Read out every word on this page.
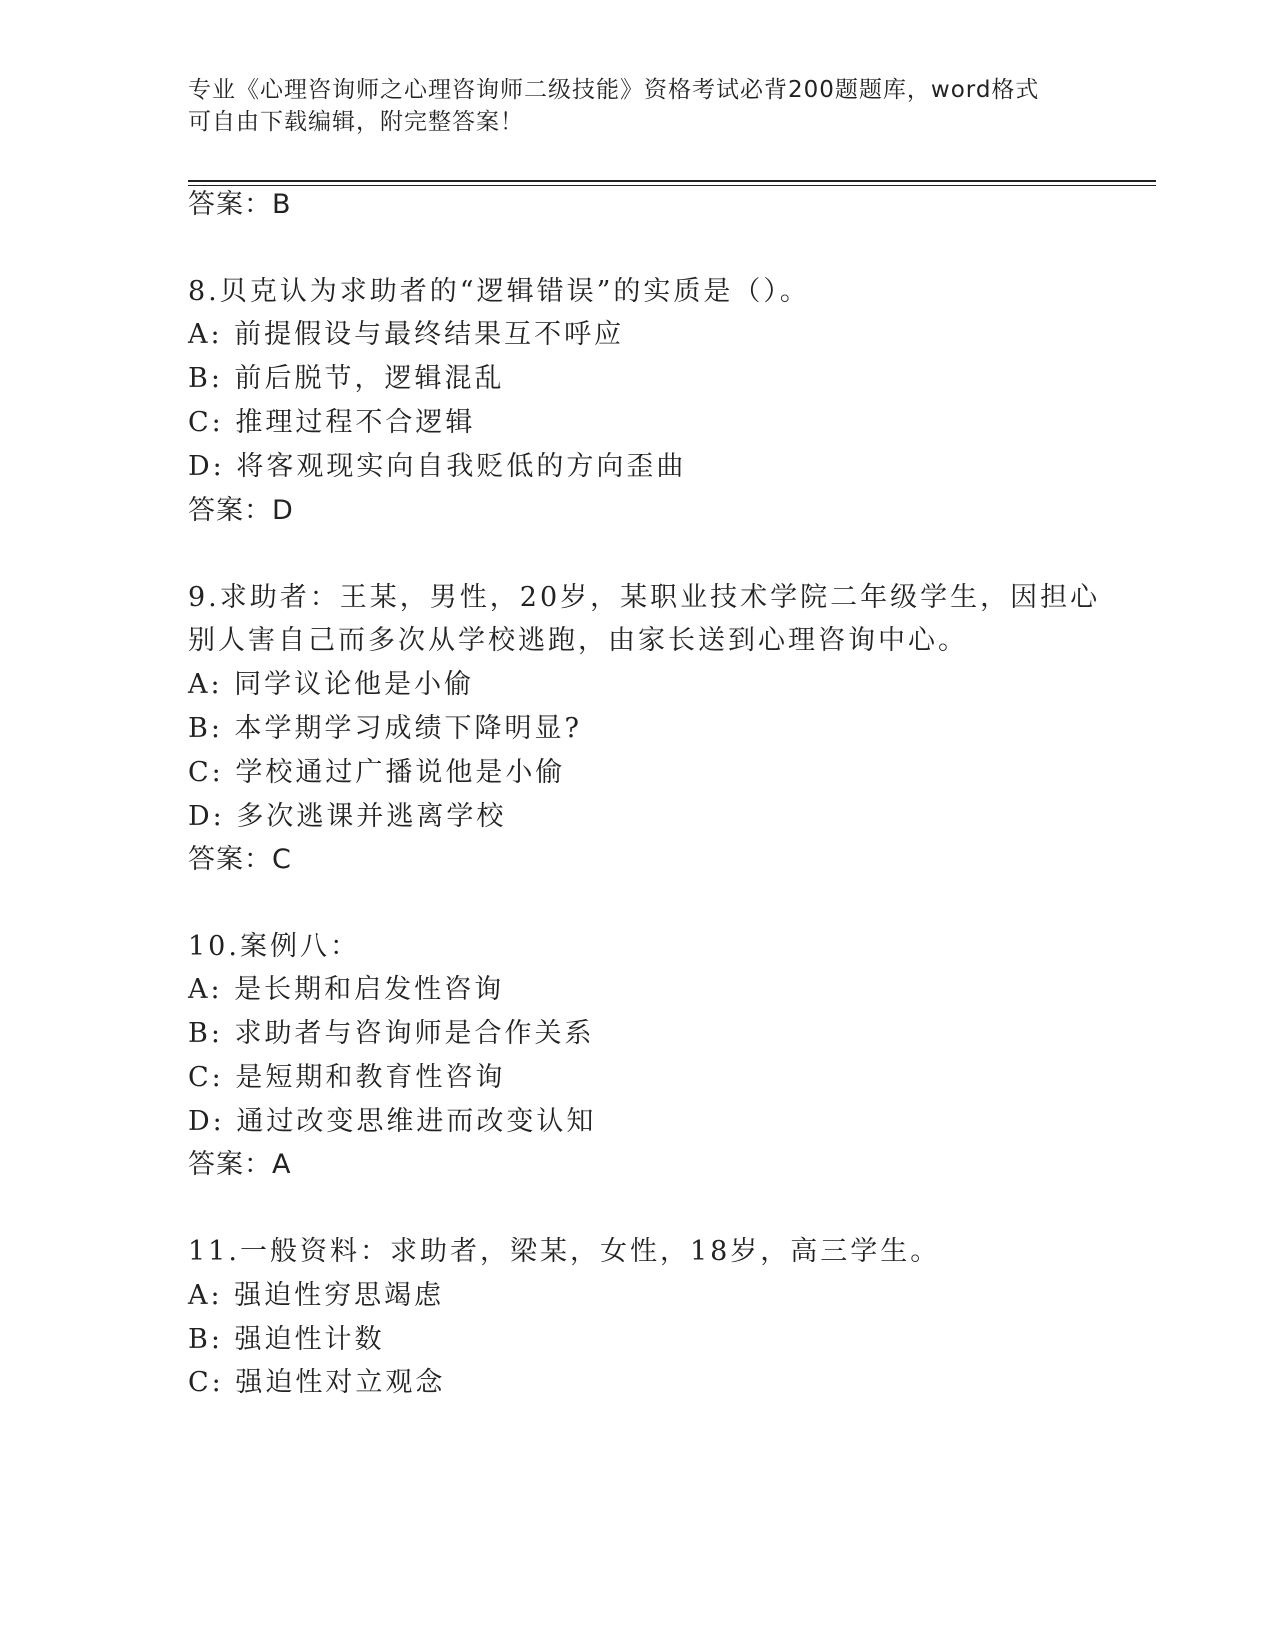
专业《心理咨询师之心理咨询师二级技能》资格考试必背200题题库，word格式
可自由下载编辑，附完整答案！
答案：B
8.贝克认为求助者的“逻辑错误”的实质是（）。
A: 前提假设与最终结果互不呼应
B: 前后脱节，逻辑混乱
C: 推理过程不合逻辑
D: 将客观现实向自我贬低的方向歪曲
答案：D
9.求助者：王某，男性，20岁，某职业技术学院二年级学生，因担心
别人害自己而多次从学校逃跑，由家长送到心理咨询中心。
A: 同学议论他是小偷
B: 本学期学习成绩下降明显?
C: 学校通过广播说他是小偷
D: 多次逃课并逃离学校
答案：C
10.案例八：
A: 是长期和启发性咨询
B: 求助者与咨询师是合作关系
C: 是短期和教育性咨询
D: 通过改变思维进而改变认知
答案：A
11.一般资料：求助者，梁某，女性，18岁，高三学生。
A: 强迫性穷思竭虑
B: 强迫性计数
C: 强迫性对立观念
